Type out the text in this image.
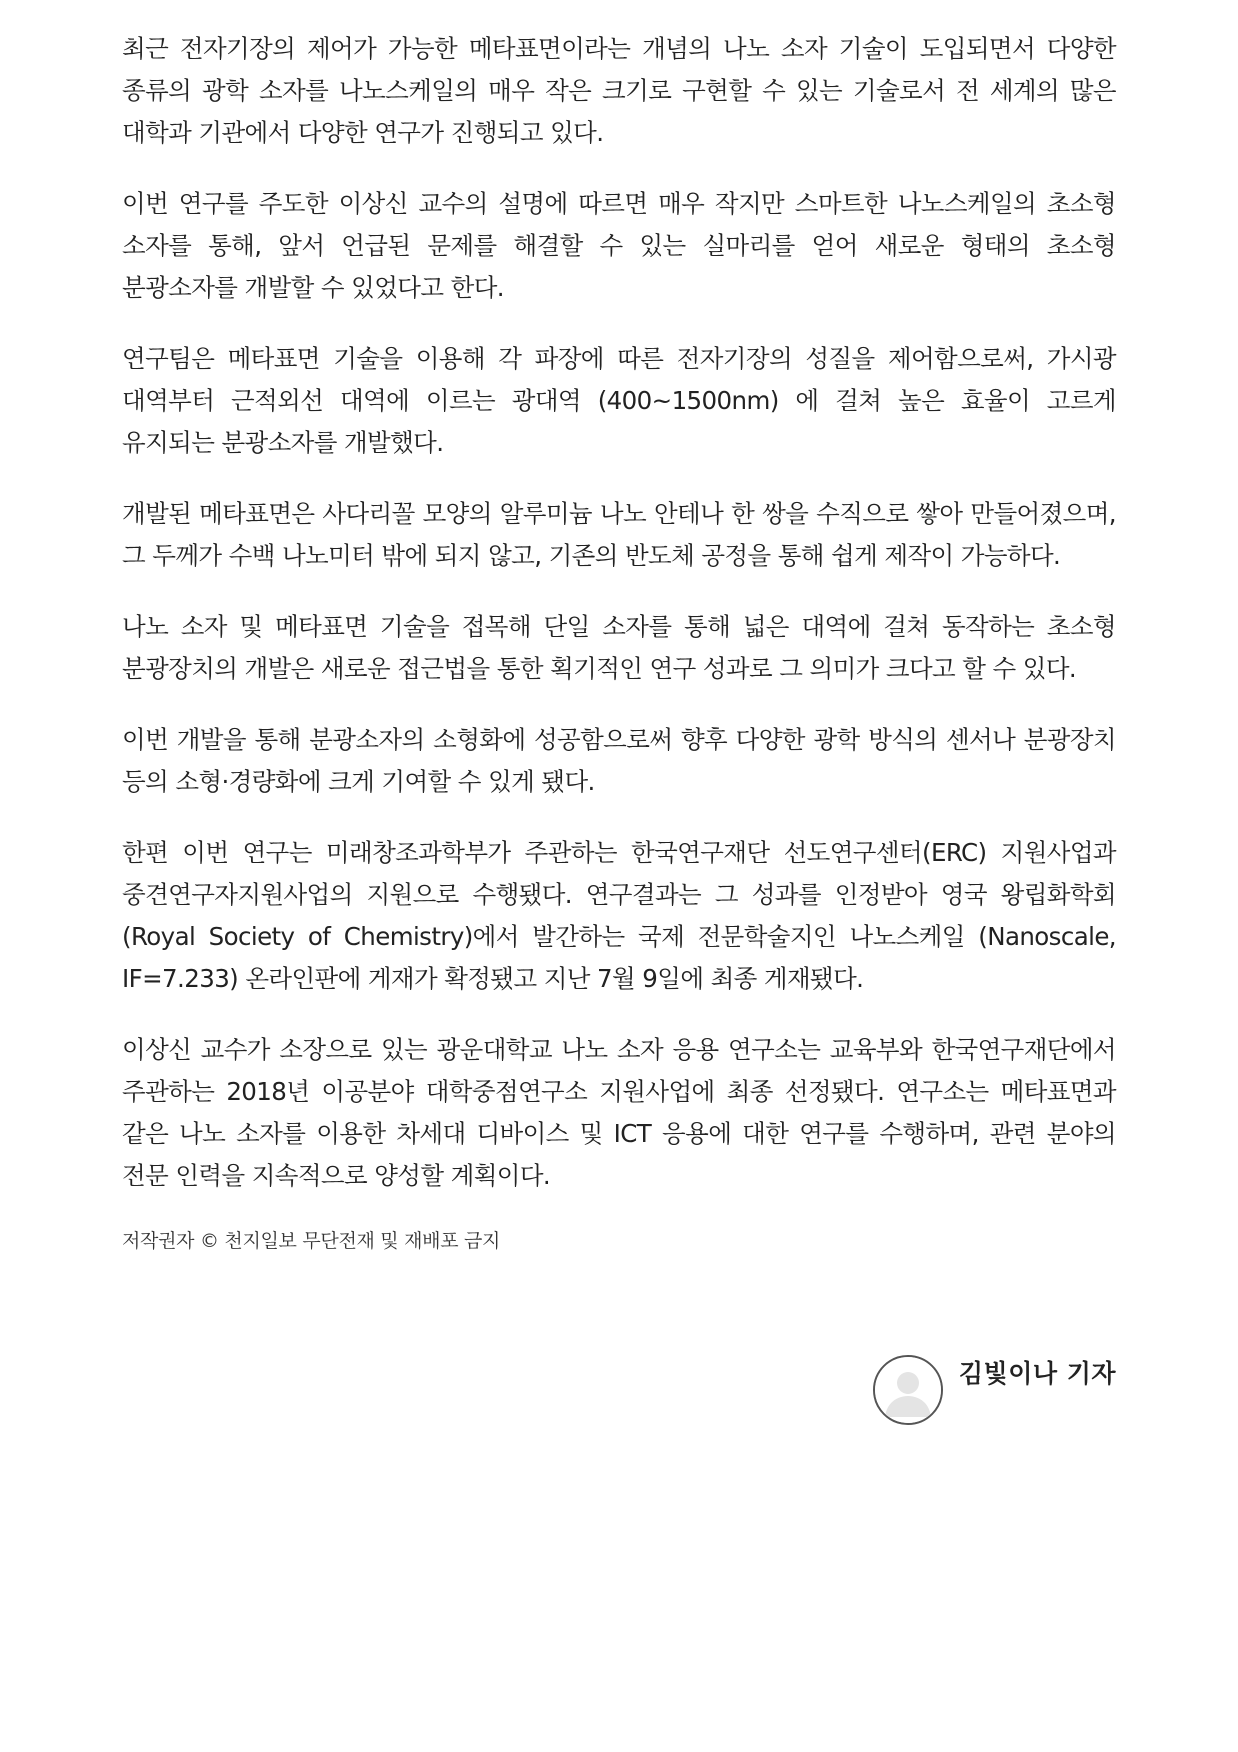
최근 전자기장의 제어가 가능한 메타표면이라는 개념의 나노 소자 기술이 도입되면서 다양한 종류의 광학 소자를 나노스케일의 매우 작은 크기로 구현할 수 있는 기술로서 전 세계의 많은 대학과 기관에서 다양한 연구가 진행되고 있다.

이번 연구를 주도한 이상신 교수의 설명에 따르면 매우 작지만 스마트한 나노스케일의 초소형 소자를 통해, 앞서 언급된 문제를 해결할 수 있는 실마리를 얻어 새로운 형태의 초소형 분광소자를 개발할 수 있었다고 한다.

연구팀은 메타표면 기술을 이용해 각 파장에 따른 전자기장의 성질을 제어함으로써, 가시광 대역부터 근적외선 대역에 이르는 광대역 (400~1500nm) 에 걸쳐 높은 효율이 고르게 유지되는 분광소자를 개발했다.

개발된 메타표면은 사다리꼴 모양의 알루미늄 나노 안테나 한 쌍을 수직으로 쌓아 만들어졌으며, 그 두께가 수백 나노미터 밖에 되지 않고, 기존의 반도체 공정을 통해 쉽게 제작이 가능하다.

나노 소자 및 메타표면 기술을 접목해 단일 소자를 통해 넓은 대역에 걸쳐 동작하는 초소형 분광장치의 개발은 새로운 접근법을 통한 획기적인 연구 성과로 그 의미가 크다고 할 수 있다.

이번 개발을 통해 분광소자의 소형화에 성공함으로써 향후 다양한 광학 방식의 센서나 분광장치 등의 소형·경량화에 크게 기여할 수 있게 됐다.

한편 이번 연구는 미래창조과학부가 주관하는 한국연구재단 선도연구센터(ERC) 지원사업과 중견연구자지원사업의 지원으로 수행됐다. 연구결과는 그 성과를 인정받아 영국 왕립화학회(Royal Society of Chemistry)에서 발간하는 국제 전문학술지인 나노스케일 (Nanoscale, IF=7.233) 온라인판에 게재가 확정됐고 지난 7월 9일에 최종 게재됐다.

이상신 교수가 소장으로 있는 광운대학교 나노 소자 응용 연구소는 교육부와 한국연구재단에서 주관하는 2018년 이공분야 대학중점연구소 지원사업에 최종 선정됐다. 연구소는 메타표면과 같은 나노 소자를 이용한 차세대 디바이스 및 ICT 응용에 대한 연구를 수행하며, 관련 분야의 전문 인력을 지속적으로 양성할 계획이다.

저작권자 © 천지일보 무단전재 및 재배포 금지
김빛이나 기자
